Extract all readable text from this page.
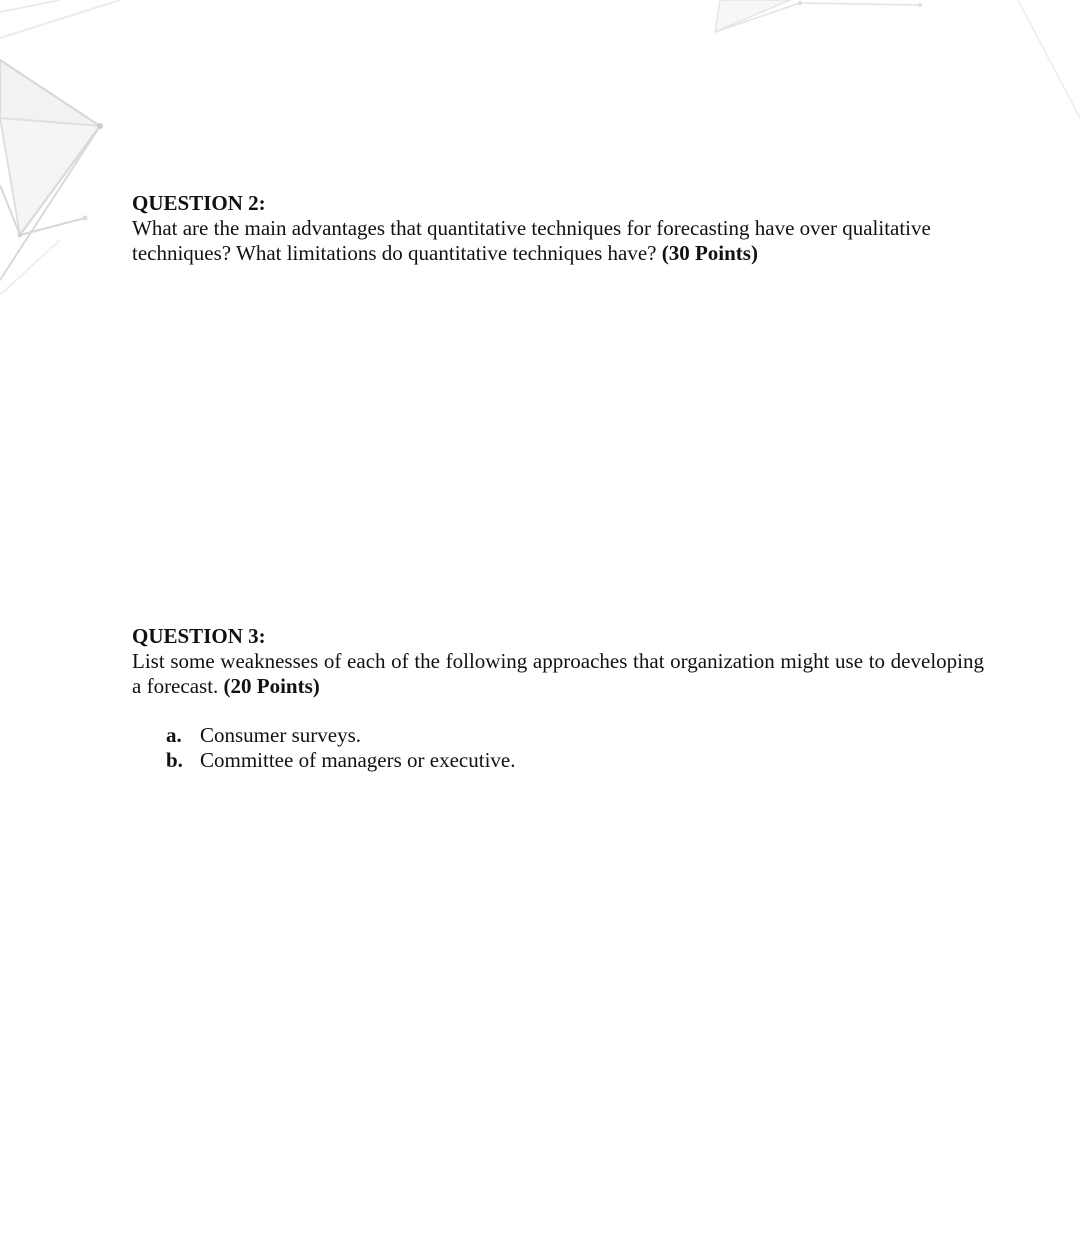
QUESTION 2:

What are the main advantages that quantitative techniques for forecasting have over qualitative techniques? What limitations do quantitative techniques have? (30 Points)

QUESTION 3:

List some weaknesses of each of the following approaches that organization might use to developing a forecast. (20 Points)

a. Consumer surveys.
b. Committee of managers or executive.
